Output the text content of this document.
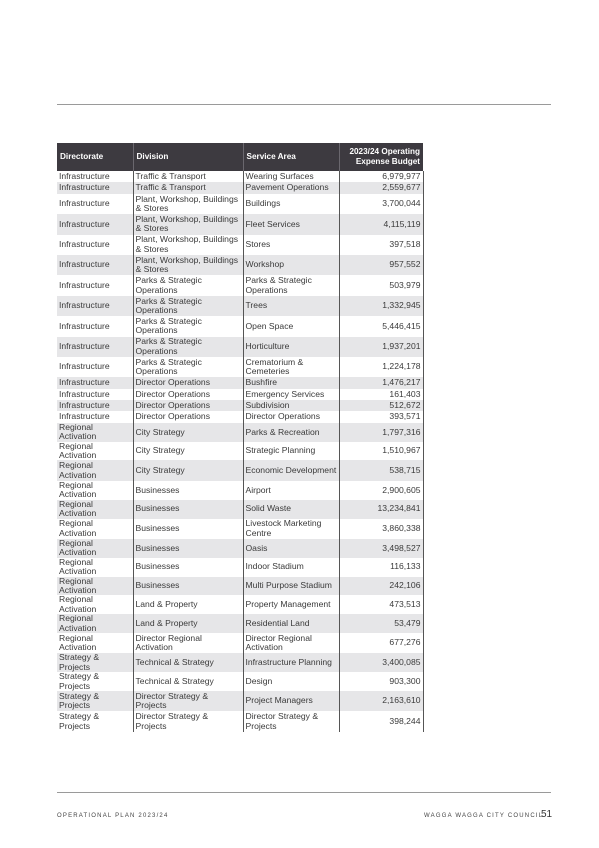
Directorate	Division	Service Area	2023/24 Operating Expense Budget
Infrastructure	Traffic & Transport	Wearing Surfaces	6,979,977
Infrastructure	Traffic & Transport	Pavement Operations	2,559,677
Infrastructure	Plant, Workshop, Buildings & Stores	Buildings	3,700,044
Infrastructure	Plant, Workshop, Buildings & Stores	Fleet Services	4,115,119
Infrastructure	Plant, Workshop, Buildings & Stores	Stores	397,518
Infrastructure	Plant, Workshop, Buildings & Stores	Workshop	957,552
Infrastructure	Parks & Strategic Operations	Parks & Strategic Operations	503,979
Infrastructure	Parks & Strategic Operations	Trees	1,332,945
Infrastructure	Parks & Strategic Operations	Open Space	5,446,415
Infrastructure	Parks & Strategic Operations	Horticulture	1,937,201
Infrastructure	Parks & Strategic Operations	Crematorium & Cemeteries	1,224,178
Infrastructure	Director Operations	Bushfire	1,476,217
Infrastructure	Director Operations	Emergency Services	161,403
Infrastructure	Director Operations	Subdivision	512,672
Infrastructure	Director Operations	Director Operations	393,571
Regional Activation	City Strategy	Parks & Recreation	1,797,316
Regional Activation	City Strategy	Strategic Planning	1,510,967
Regional Activation	City Strategy	Economic Development	538,715
Regional Activation	Businesses	Airport	2,900,605
Regional Activation	Businesses	Solid Waste	13,234,841
Regional Activation	Businesses	Livestock Marketing Centre	3,860,338
Regional Activation	Businesses	Oasis	3,498,527
Regional Activation	Businesses	Indoor Stadium	116,133
Regional Activation	Businesses	Multi Purpose Stadium	242,106
Regional Activation	Land & Property	Property Management	473,513
Regional Activation	Land & Property	Residential Land	53,479
Regional Activation	Director Regional Activation	Director Regional Activation	677,276
Strategy & Projects	Technical & Strategy	Infrastructure Planning	3,400,085
Strategy & Projects	Technical & Strategy	Design	903,300
Strategy & Projects	Director Strategy & Projects	Project Managers	2,163,610
Strategy & Projects	Director Strategy & Projects	Director Strategy & Projects	398,244
OPERATIONAL PLAN 2023/24	WAGGA WAGGA CITY COUNCIL
51
